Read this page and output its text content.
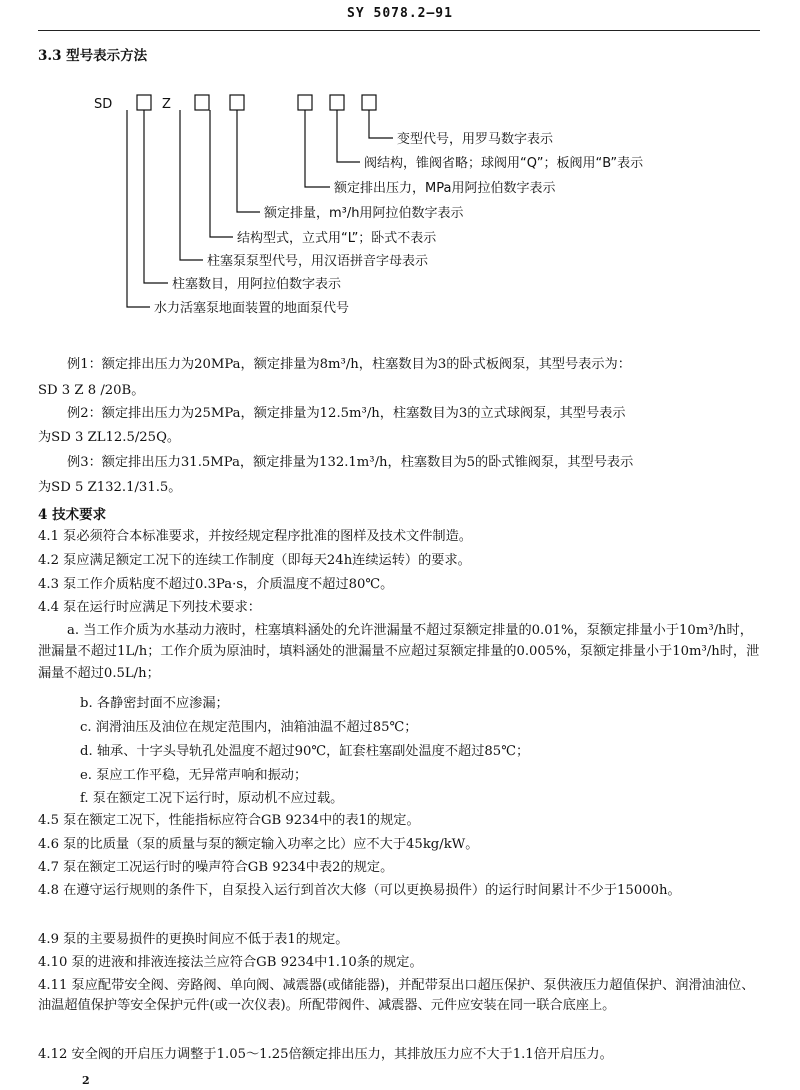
SY 5078.2—91
3.3 型号表示方法
SD	Z
变型代号，用罗马数字表示
阀结构，锥阀省略；球阀用“Q”；板阀用“B”表示
额定排出压力，MPa用阿拉伯数字表示
额定排量，m³/h用阿拉伯数字表示
结构型式，立式用“L”；卧式不表示
柱塞泵泵型代号，用汉语拼音字母表示
柱塞数目，用阿拉伯数字表示
水力活塞泵地面装置的地面泵代号
例1：额定排出压力为20MPa，额定排量为8m³/h，柱塞数目为3的卧式板阀泵，其型号表示为：
SD 3 Z 8 /20B。
例2：额定排出压力为25MPa，额定排量为12.5m³/h，柱塞数目为3的立式球阀泵，其型号表示
为SD 3 ZL12.5/25Q。
例3：额定排出压力31.5MPa，额定排量为132.1m³/h，柱塞数目为5的卧式锥阀泵，其型号表示
为SD 5 Z132.1/31.5。
4 技术要求
4.1 泵必须符合本标准要求，并按经规定程序批准的图样及技术文件制造。
4.2 泵应满足额定工况下的连续工作制度（即每天24h连续运转）的要求。
4.3 泵工作介质粘度不超过0.3Pa·s，介质温度不超过80℃。
4.4 泵在运行时应满足下列技术要求：
a. 当工作介质为水基动力液时，柱塞填料涵处的允许泄漏量不超过泵额定排量的0.01%，泵额定排量小于10m³/h时，泄漏量不超过1L/h；工作介质为原油时，填料涵处的泄漏量不应超过泵额定排量的0.005%，泵额定排量小于10m³/h时，泄漏量不超过0.5L/h；
b. 各静密封面不应渗漏；
c. 润滑油压及油位在规定范围内，油箱油温不超过85℃；
d. 轴承、十字头导轨孔处温度不超过90℃，缸套柱塞副处温度不超过85℃；
e. 泵应工作平稳，无异常声响和振动；
f. 泵在额定工况下运行时，原动机不应过载。
4.5 泵在额定工况下，性能指标应符合GB 9234中的表1的规定。
4.6 泵的比质量（泵的质量与泵的额定输入功率之比）应不大于45kg/kW。
4.7 泵在额定工况运行时的噪声符合GB 9234中表2的规定。
4.8 在遵守运行规则的条件下，自泵投入运行到首次大修（可以更换易损件）的运行时间累计不少于15000h。
4.9 泵的主要易损件的更换时间应不低于表1的规定。
4.10 泵的进液和排液连接法兰应符合GB 9234中1.10条的规定。
4.11 泵应配带安全阀、旁路阀、单向阀、减震器(或储能器)，并配带泵出口超压保护、泵供液压力超值保护、润滑油油位、油温超值保护等安全保护元件(或一次仪表)。所配带阀件、减震器、元件应安装在同一联合底座上。
4.12 安全阀的开启压力调整于1.05～1.25倍额定排出压力，其排放压力应不大于1.1倍开启压力。
2
